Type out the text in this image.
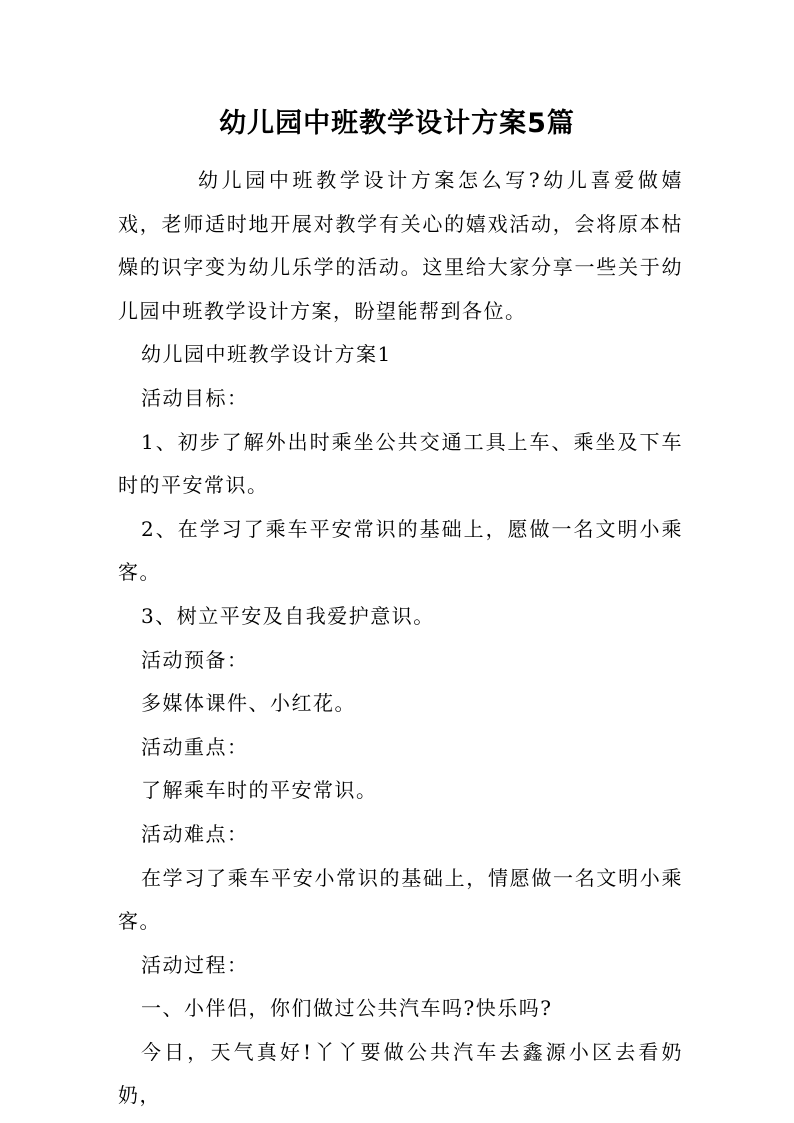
幼儿园中班教学设计方案5篇

幼儿园中班教学设计方案怎么写?幼儿喜爱做嬉戏，老师适时地开展对教学有关心的嬉戏活动，会将原本枯燥的识字变为幼儿乐学的活动。这里给大家分享一些关于幼儿园中班教学设计方案，盼望能帮到各位。

幼儿园中班教学设计方案1

活动目标：

1、初步了解外出时乘坐公共交通工具上车、乘坐及下车时的平安常识。

2、在学习了乘车平安常识的基础上，愿做一名文明小乘客。

3、树立平安及自我爱护意识。

活动预备：

多媒体课件、小红花。

活动重点：

了解乘车时的平安常识。

活动难点：

在学习了乘车平安小常识的基础上，情愿做一名文明小乘客。

活动过程：

一、小伴侣，你们做过公共汽车吗?快乐吗?

今日，天气真好!丫丫要做公共汽车去鑫源小区去看奶奶，
